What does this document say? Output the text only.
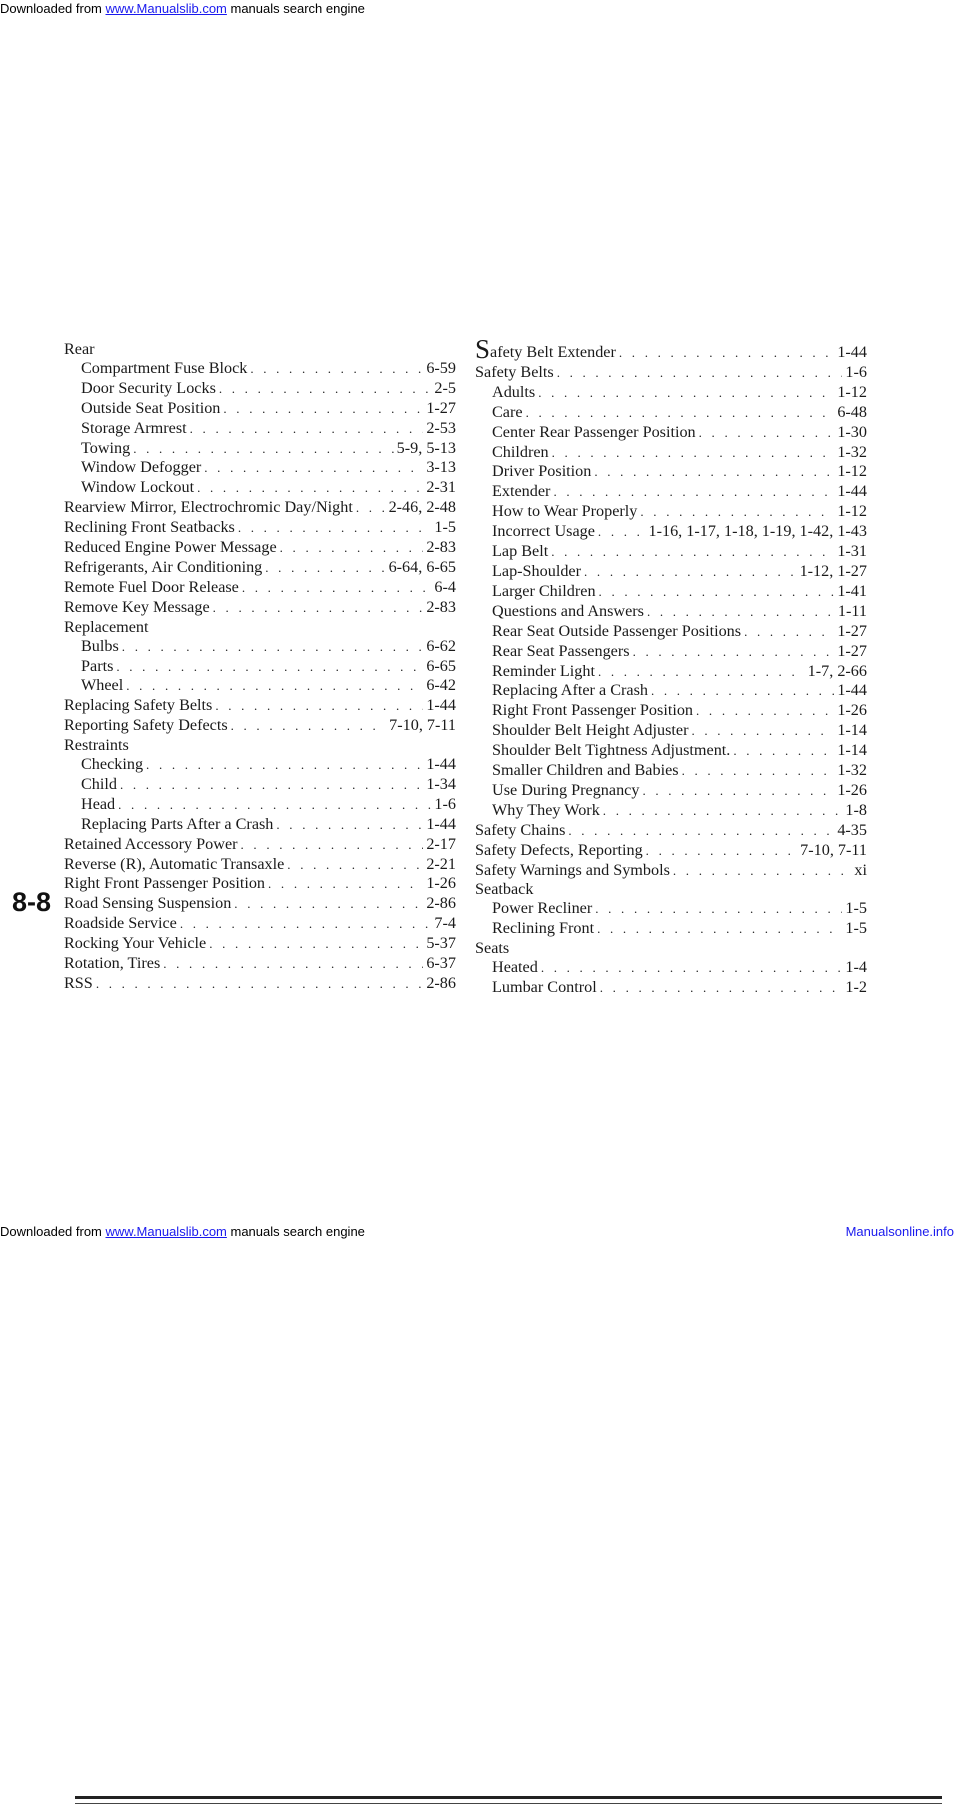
Downloaded from www.Manualslib.com manuals search engine
Rear
Compartment Fuse Block . . .	6-59
Door Security Locks . . .	2-5
Outside Seat Position . . .	1-27
Storage Armrest . . .	2-53
Towing . . .	5-9, 5-13
Window Defogger . . .	3-13
Window Lockout . . .	2-31
Rearview Mirror, Electrochromic Day/Night . . . 2-46, 2-48
Reclining Front Seatbacks . . .	1-5
Reduced Engine Power Message . . .	2-83
Refrigerants, Air Conditioning . . .	6-64, 6-65
Remote Fuel Door Release . . .	6-4
Remove Key Message . . .	2-83
Replacement
Bulbs . . .	6-62
Parts . . .	6-65
Wheel . . .	6-42
Replacing Safety Belts . . .	1-44
Reporting Safety Defects . . .	7-10, 7-11
Restraints
Checking . . .	1-44
Child . . .	1-34
Head . . .	1-6
Replacing Parts After a Crash . . .	1-44
Retained Accessory Power . . .	2-17
Reverse (R), Automatic Transaxle . . .	2-21
Right Front Passenger Position . . .	1-26
Road Sensing Suspension . . .	2-86
Roadside Service . . .	7-4
Rocking Your Vehicle . . .	5-37
Rotation, Tires . . .	6-37
RSS . . .	2-86
Safety Belt Extender . . .	1-44
Safety Belts . . .	1-6
Adults . . .	1-12
Care . . .	6-48
Center Rear Passenger Position . . .	1-30
Children . . .	1-32
Driver Position . . .	1-12
Extender . . .	1-44
How to Wear Properly . . .	1-12
Incorrect Usage . . .	1-16, 1-17, 1-18, 1-19, 1-42, 1-43
Lap Belt . . .	1-31
Lap-Shoulder . . .	1-12, 1-27
Larger Children . . .	1-41
Questions and Answers . . .	1-11
Rear Seat Outside Passenger Positions . . .	1-27
Rear Seat Passengers . . .	1-27
Reminder Light . . .	1-7, 2-66
Replacing After a Crash . . .	1-44
Right Front Passenger Position . . .	1-26
Shoulder Belt Height Adjuster . . .	1-14
Shoulder Belt Tightness Adjustment. . . .	1-14
Smaller Children and Babies . . .	1-32
Use During Pregnancy . . .	1-26
Why They Work . . .	1-8
Safety Chains . . .	4-35
Safety Defects, Reporting . . .	7-10, 7-11
Safety Warnings and Symbols . . .	xi
Seatback
Power Recliner . . .	1-5
Reclining Front . . .	1-5
Seats
Heated . . .	1-4
Lumbar Control . . .	1-2
8-8
Downloaded from www.Manualslib.com manuals search engine	Manualsonline.info
